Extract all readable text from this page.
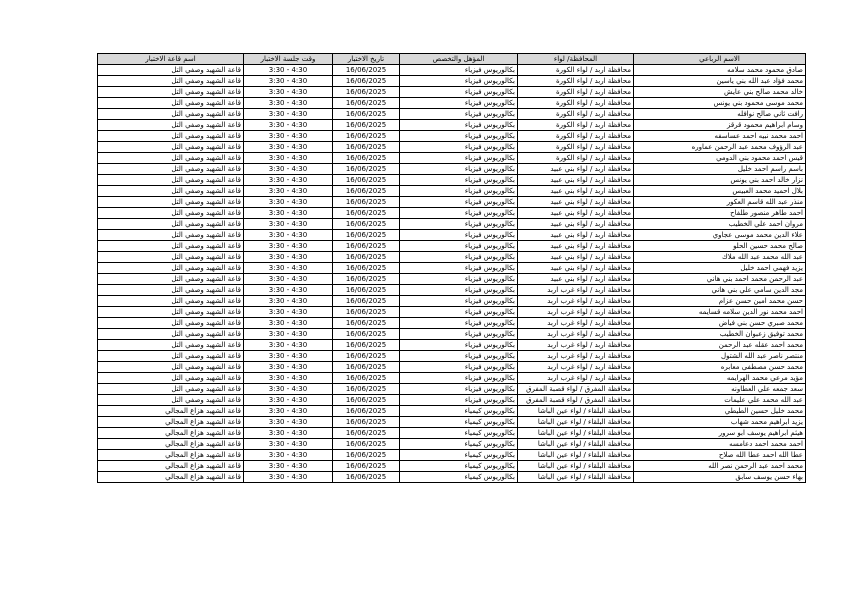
الاسم الرباعي	المحافظة/ لواء	المؤهل والتخصص	تاريخ الاختبار	وقت جلسة الاختبار	اسم قاعة الاختبار
صادق محمود محمد سلامه	محافظة اربد / لواء الكورة	بكالوريوس فيزياء	16/06/2025	3:30 - 4:30	قاعة الشهيد وصفي التل
محمد فؤاد عبد الله بني ياسين	محافظة اربد / لواء الكورة	بكالوريوس فيزياء	16/06/2025	3:30 - 4:30	قاعة الشهيد وصفي التل
خالد محمد صالح بني عايش	محافظة اربد / لواء الكورة	بكالوريوس فيزياء	16/06/2025	3:30 - 4:30	قاعة الشهيد وصفي التل
محمد موسى محمود بني يونس	محافظة اربد / لواء الكورة	بكالوريوس فيزياء	16/06/2025	3:30 - 4:30	قاعة الشهيد وصفي التل
رافت ثاني صالح نوافله	محافظة اربد / لواء الكورة	بكالوريوس فيزياء	16/06/2025	3:30 - 4:30	قاعة الشهيد وصفي التل
وسام ابراهيم محمود قرقز	محافظة اربد / لواء الكورة	بكالوريوس فيزياء	16/06/2025	3:30 - 4:30	قاعة الشهيد وصفي التل
احمد محمد نبيه احمد عساسفه	محافظة اربد / لواء الكورة	بكالوريوس فيزياء	16/06/2025	3:30 - 4:30	قاعة الشهيد وصفي التل
عبد الرؤوف محمد عبد الرحمن عماوره	محافظة اربد / لواء الكورة	بكالوريوس فيزياء	16/06/2025	3:30 - 4:30	قاعة الشهيد وصفي التل
قيس احمد محمود بني الدومي	محافظة اربد / لواء الكورة	بكالوريوس فيزياء	16/06/2025	3:30 - 4:30	قاعة الشهيد وصفي التل
باسم راسم احمد خليل	محافظة اربد / لواء بني عبيد	بكالوريوس فيزياء	16/06/2025	3:30 - 4:30	قاعة الشهيد وصفي التل
نزار خالد احمد بني يونس	محافظة اربد / لواء بني عبيد	بكالوريوس فيزياء	16/06/2025	3:30 - 4:30	قاعة الشهيد وصفي التل
بلال احميد محمد العبيس	محافظة اربد / لواء بني عبيد	بكالوريوس فيزياء	16/06/2025	3:30 - 4:30	قاعة الشهيد وصفي التل
منذر عبد الله قاسم العكور	محافظة اربد / لواء بني عبيد	بكالوريوس فيزياء	16/06/2025	3:30 - 4:30	قاعة الشهيد وصفي التل
احمد طاهر منصور طلفاح	محافظة اربد / لواء بني عبيد	بكالوريوس فيزياء	16/06/2025	3:30 - 4:30	قاعة الشهيد وصفي التل
مروان احمد علي الخطيب	محافظة اربد / لواء بني عبيد	بكالوريوس فيزياء	16/06/2025	3:30 - 4:30	قاعة الشهيد وصفي التل
علاء الدين محمد موسى عجاوي	محافظة اربد / لواء بني عبيد	بكالوريوس فيزياء	16/06/2025	3:30 - 4:30	قاعة الشهيد وصفي التل
صالح محمد حسين الحلو	محافظة اربد / لواء بني عبيد	بكالوريوس فيزياء	16/06/2025	3:30 - 4:30	قاعة الشهيد وصفي التل
عبد الله محمد عبد الله ملاك	محافظة اربد / لواء بني عبيد	بكالوريوس فيزياء	16/06/2025	3:30 - 4:30	قاعة الشهيد وصفي التل
يزيد فهمي احمد خليل	محافظة اربد / لواء بني عبيد	بكالوريوس فيزياء	16/06/2025	3:30 - 4:30	قاعة الشهيد وصفي التل
عبد الرحمن محمد احمد بني هاني	محافظة اربد / لواء بني عبيد	بكالوريوس فيزياء	16/06/2025	3:30 - 4:30	قاعة الشهيد وصفي التل
مجد الدين سامي علي بني هاني	محافظة اربد / لواء غرب اربد	بكالوريوس فيزياء	16/06/2025	3:30 - 4:30	قاعة الشهيد وصفي التل
حسن محمد امين حسن عزام	محافظة اربد / لواء غرب اربد	بكالوريوس فيزياء	16/06/2025	3:30 - 4:30	قاعة الشهيد وصفي التل
احمد محمد نور الدين سلامه قسايمه	محافظة اربد / لواء غرب اربد	بكالوريوس فيزياء	16/06/2025	3:30 - 4:30	قاعة الشهيد وصفي التل
محمد صبري حسن بني فياض	محافظة اربد / لواء غرب اربد	بكالوريوس فيزياء	16/06/2025	3:30 - 4:30	قاعة الشهيد وصفي التل
محمد توفيق زعبوان الخطيب	محافظة اربد / لواء غرب اربد	بكالوريوس فيزياء	16/06/2025	3:30 - 4:30	قاعة الشهيد وصفي التل
محمد احمد عقله عبد الرحمن	محافظة اربد / لواء غرب اربد	بكالوريوس فيزياء	16/06/2025	3:30 - 4:30	قاعة الشهيد وصفي التل
منتصر ناصر عبد الله الشتول	محافظة اربد / لواء غرب اربد	بكالوريوس فيزياء	16/06/2025	3:30 - 4:30	قاعة الشهيد وصفي التل
محمد حسن مصطفى معابره	محافظة اربد / لواء غرب اربد	بكالوريوس فيزياء	16/06/2025	3:30 - 4:30	قاعة الشهيد وصفي التل
مؤيد مرعي محمد الهرايمه	محافظة اربد / لواء غرب اربد	بكالوريوس فيزياء	16/06/2025	3:30 - 4:30	قاعة الشهيد وصفي التل
سعد جمعه علي العطاونه	محافظة المفرق / لواء قصبة المفرق	بكالوريوس فيزياء	16/06/2025	3:30 - 4:30	قاعة الشهيد وصفي التل
عبد الله محمد علي عليمات	محافظة المفرق / لواء قصبة المفرق	بكالوريوس فيزياء	16/06/2025	3:30 - 4:30	قاعة الشهيد وصفي التل
محمد خليل حسين الطيطي	محافظة البلقاء / لواء عين الباشا	بكالوريوس كيمياء	16/06/2025	3:30 - 4:30	قاعة الشهيد هزاع المجالي
يزيد ابراهيم محمد شهاب	محافظة البلقاء / لواء عين الباشا	بكالوريوس كيمياء	16/06/2025	3:30 - 4:30	قاعة الشهيد هزاع المجالي
هيثم ابراهيم يوسف ابو سرور	محافظة البلقاء / لواء عين الباشا	بكالوريوس كيمياء	16/06/2025	3:30 - 4:30	قاعة الشهيد هزاع المجالي
احمد محمد احمد دعامسه	محافظة البلقاء / لواء عين الباشا	بكالوريوس كيمياء	16/06/2025	3:30 - 4:30	قاعة الشهيد هزاع المجالي
عطا الله احمد عطا الله صلاح	محافظة البلقاء / لواء عين الباشا	بكالوريوس كيمياء	16/06/2025	3:30 - 4:30	قاعة الشهيد هزاع المجالي
محمد احمد عبد الرحمن نصر الله	محافظة البلقاء / لواء عين الباشا	بكالوريوس كيمياء	16/06/2025	3:30 - 4:30	قاعة الشهيد هزاع المجالي
بهاء حسن يوسف سابق	محافظة البلقاء / لواء عين الباشا	بكالوريوس كيمياء	16/06/2025	3:30 - 4:30	قاعة الشهيد هزاع المجالي
